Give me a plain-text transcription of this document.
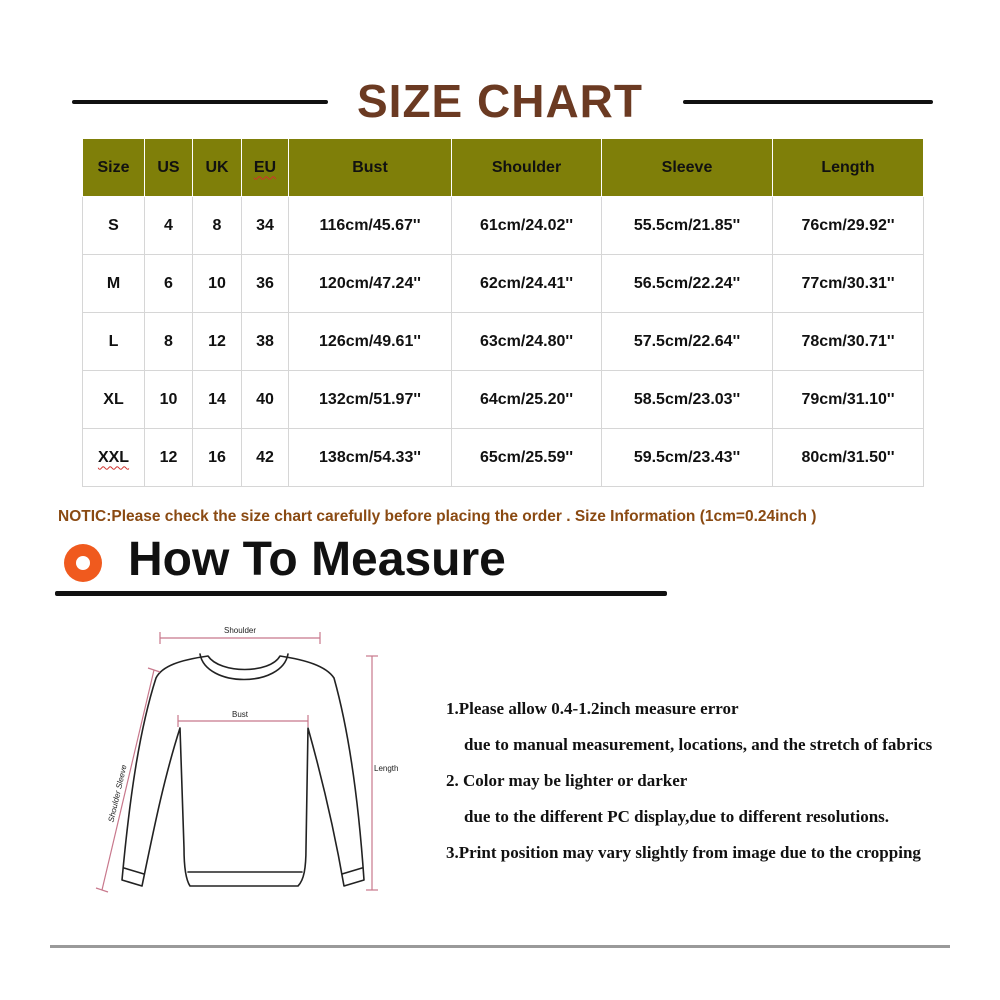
SIZE CHART
Size	US	UK	EU	Bust	Shoulder	Sleeve	Length
S	4	8	34	116cm/45.67''	61cm/24.02''	55.5cm/21.85''	76cm/29.92''
M	6	10	36	120cm/47.24''	62cm/24.41''	56.5cm/22.24''	77cm/30.31''
L	8	12	38	126cm/49.61''	63cm/24.80''	57.5cm/22.64''	78cm/30.71''
XL	10	14	40	132cm/51.97''	64cm/25.20''	58.5cm/23.03''	79cm/31.10''
XXL	12	16	42	138cm/54.33''	65cm/25.59''	59.5cm/23.43''	80cm/31.50''
NOTIC:Please check the size chart carefully before placing the order . Size Information (1cm=0.24inch )
How To Measure
Shoulder
Bust
Length
Shoulder Sleeve
1.Please allow 0.4-1.2inch measure error
due to manual measurement, locations, and the stretch of fabrics
2. Color may be lighter or darker
due to the different PC display,due to different resolutions.
3.Print position may vary slightly from image due to the cropping
